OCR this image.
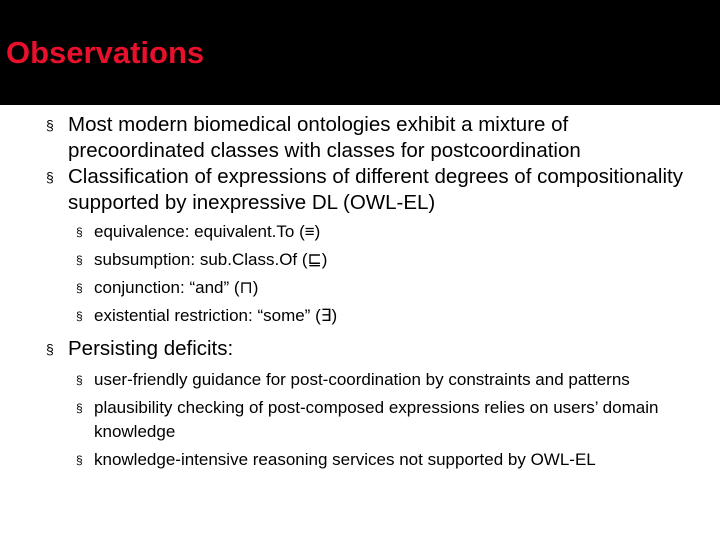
Observations
§ Most modern biomedical ontologies exhibit a mixture of precoordinated classes with classes for postcoordination
§ Classification of expressions of different degrees of compositionality supported by inexpressive DL (OWL-EL)
§ equivalence: equivalent.To (≡)
§ subsumption: sub.Class.Of (⊑)
§ conjunction: “and” (⊓)
§ existential restriction: “some” (∃)
§ Persisting deficits:
§ user-friendly guidance for post-coordination by constraints and patterns
§ plausibility checking of post-composed expressions relies on users’ domain knowledge
§ knowledge-intensive reasoning services not supported by OWL-EL
